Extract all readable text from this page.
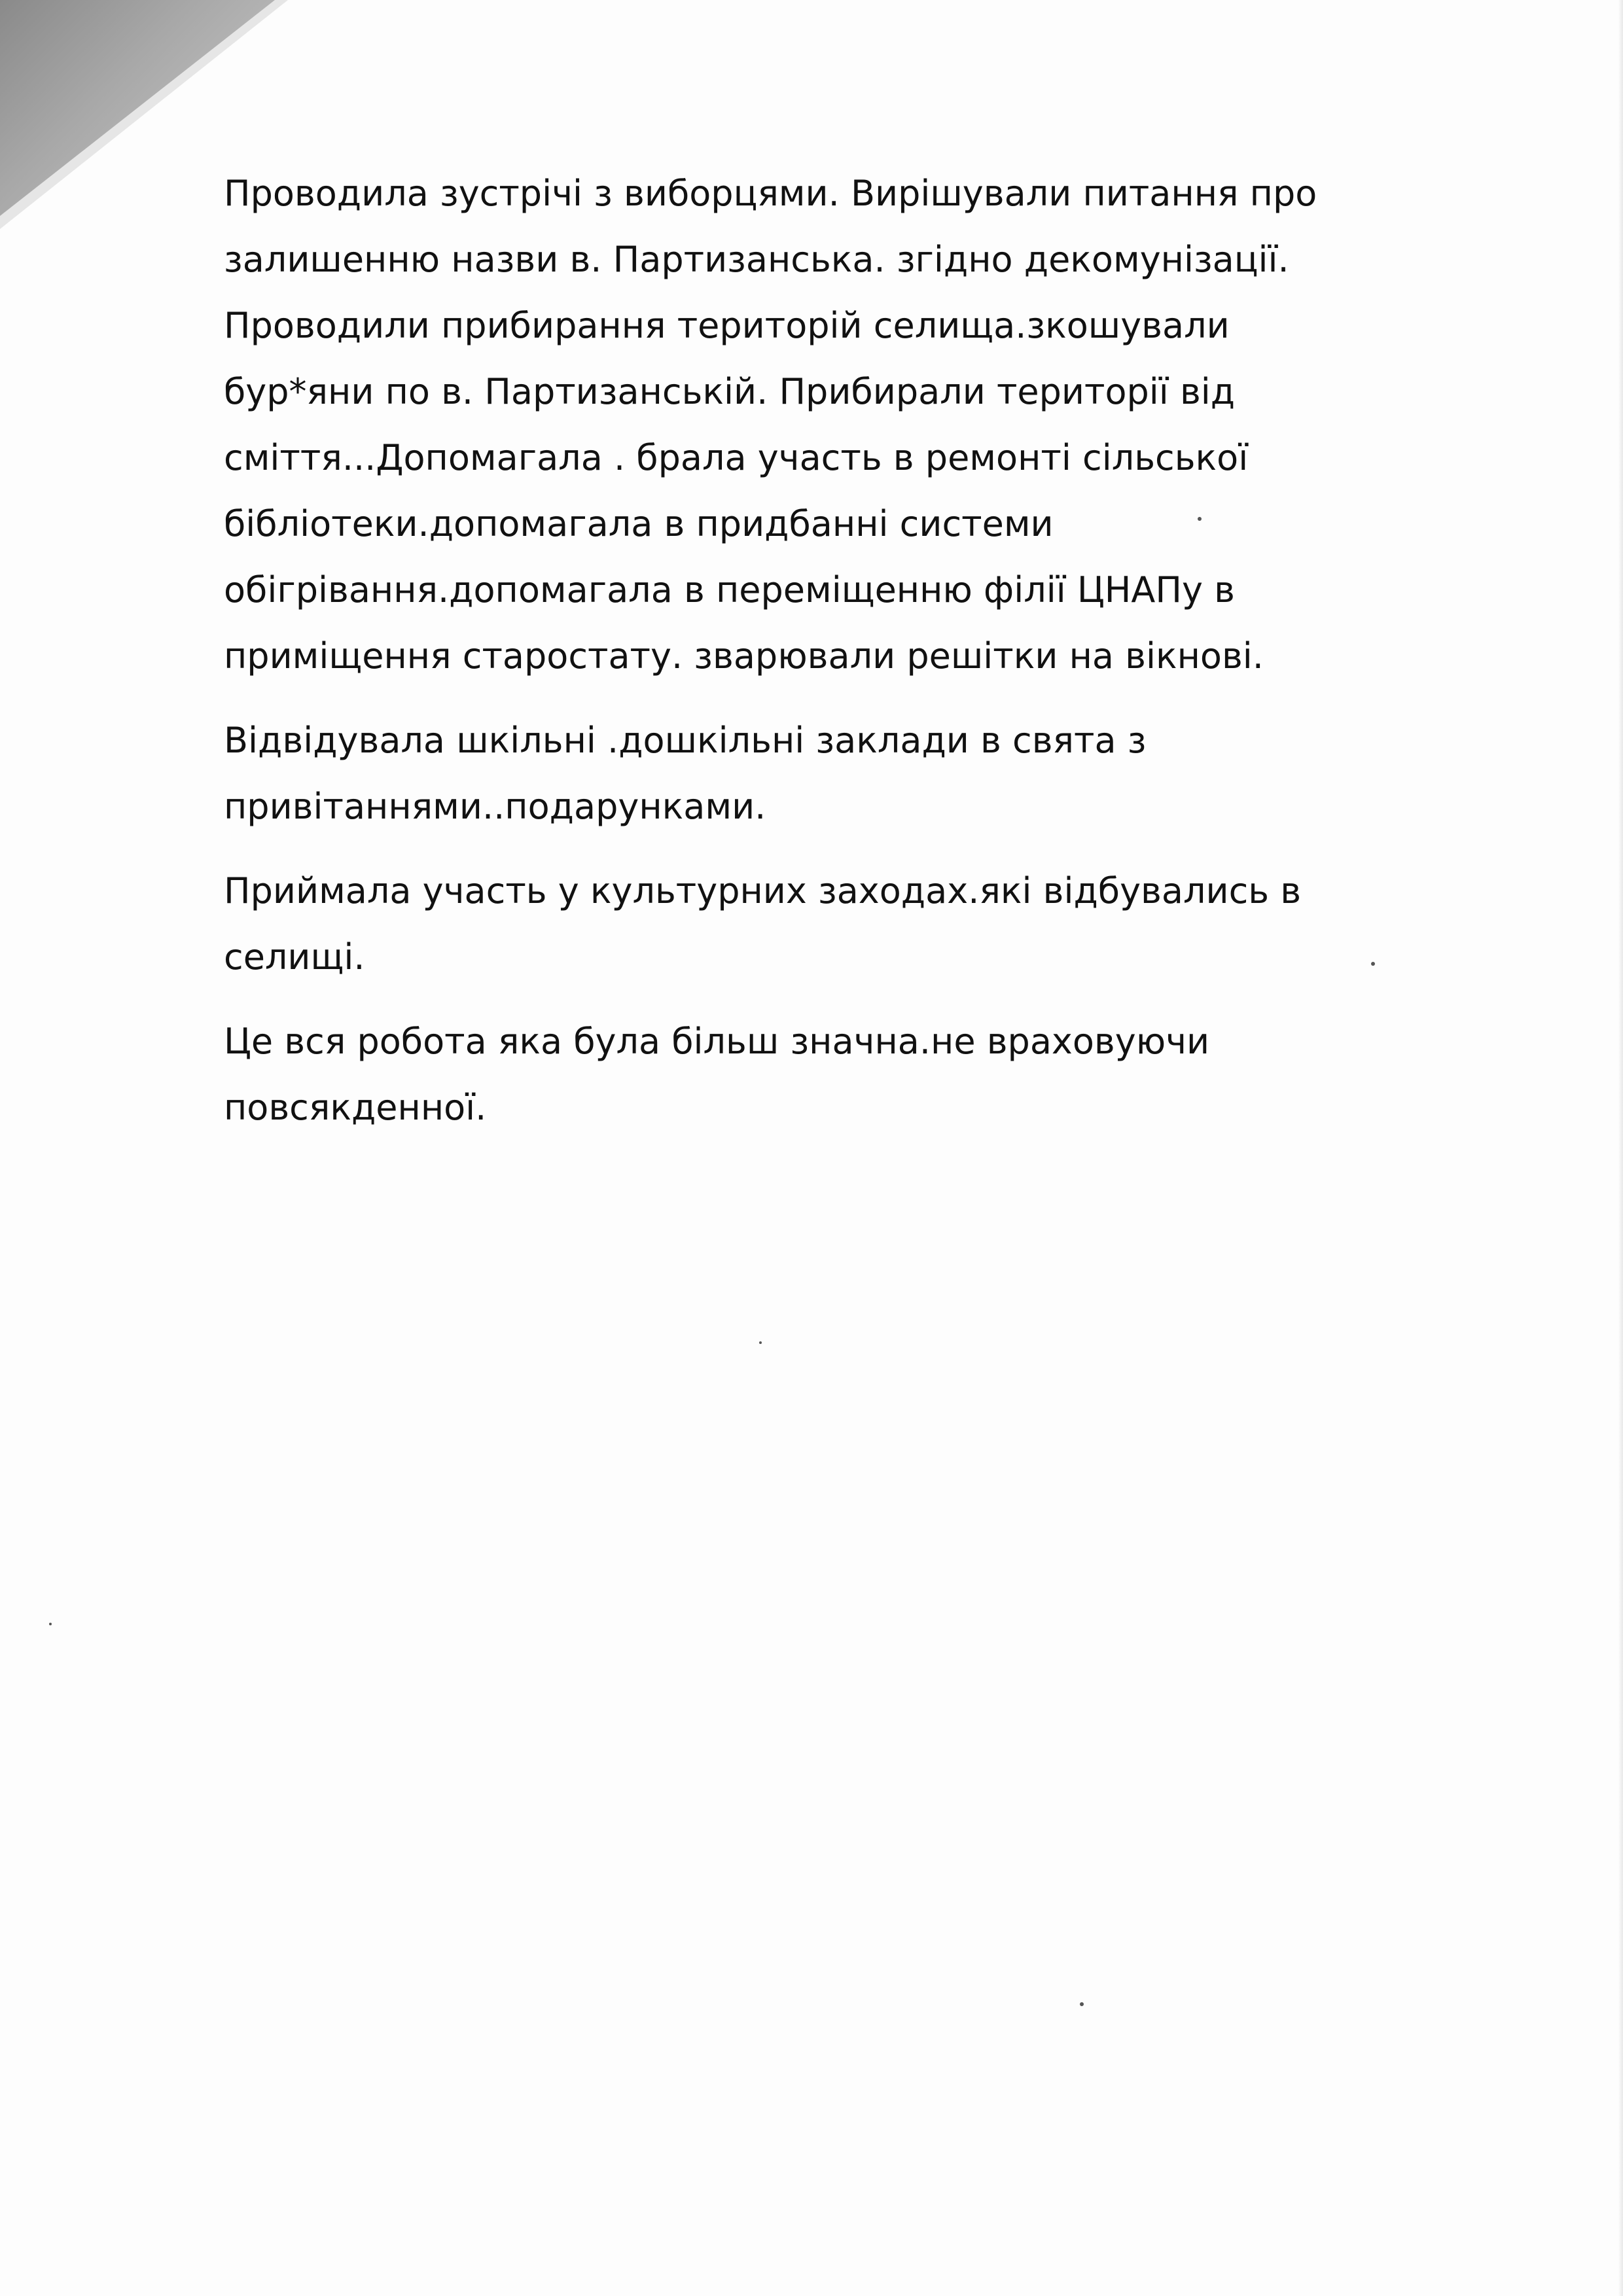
Проводила зустрічі з виборцями. Вирішували питання про
залишенню назви в. Партизанська. згідно декомунізації.
Проводили прибирання територій селища.зкошували
бур*яни по в. Партизанській. Прибирали території від
сміття...Допомагала . брала участь в ремонті сільської
бібліотеки.допомагала в придбанні системи
обігрівання.допомагала в переміщенню філії ЦНАПу в
приміщення старостату. зварювали решітки на вікнові.

Відвідувала шкільні .дошкільні заклади в свята з
привітаннями..подарунками.

Приймала участь у культурних заходах.які відбувались в
селищі.

Це вся робота яка була більш значна.не враховуючи
повсякденної.
